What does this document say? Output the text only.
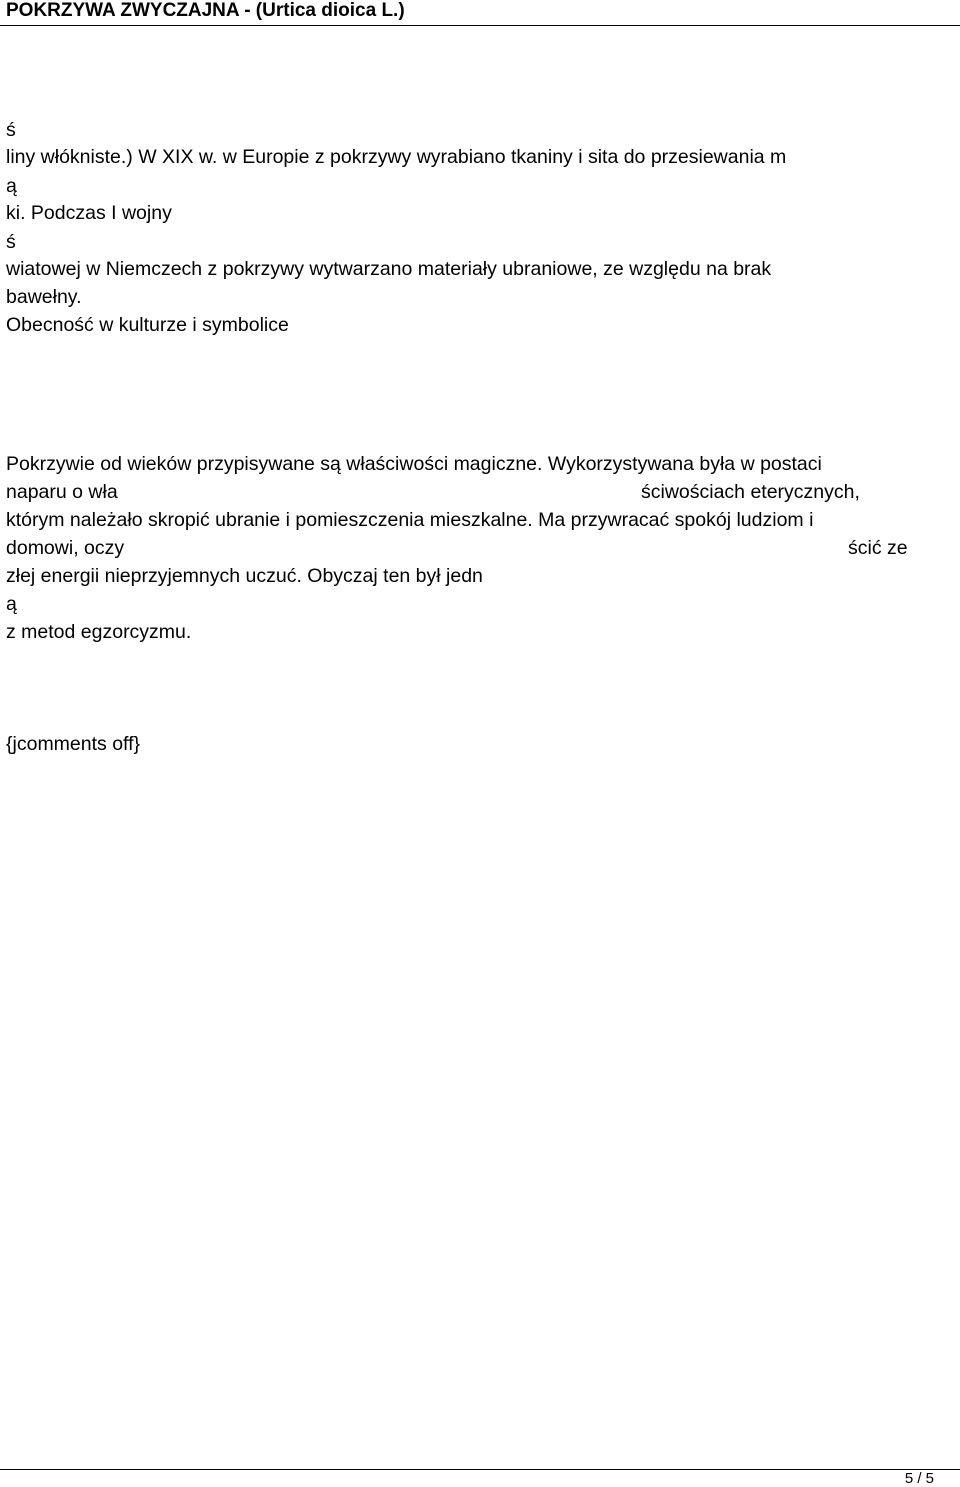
POKRZYWA ZWYCZAJNA - (Urtica dioica L.)
ś
liny włókniste.) W XIX w. w Europie z pokrzywy wyrabiano tkaniny i sita do przesiewania m
ą
ki. Podczas I wojny
ś
wiatowej w Niemczech z pokrzywy wytwarzano materiały ubraniowe, ze względu na brak
bawełny.
Obecność w kulturze i symbolice
Pokrzywie od wieków przypisywane są właściwości magiczne. Wykorzystywana była w postaci
naparu o wła	ściwościach eterycznych,
którym należało skropić ubranie i pomieszczenia mieszkalne. Ma przywracać spokój ludziom i
domowi, oczy	ścić ze
złej energii nieprzyjemnych uczuć. Obyczaj ten był jedn
ą
z metod egzorcyzmu.
{jcomments off}
5 / 5
